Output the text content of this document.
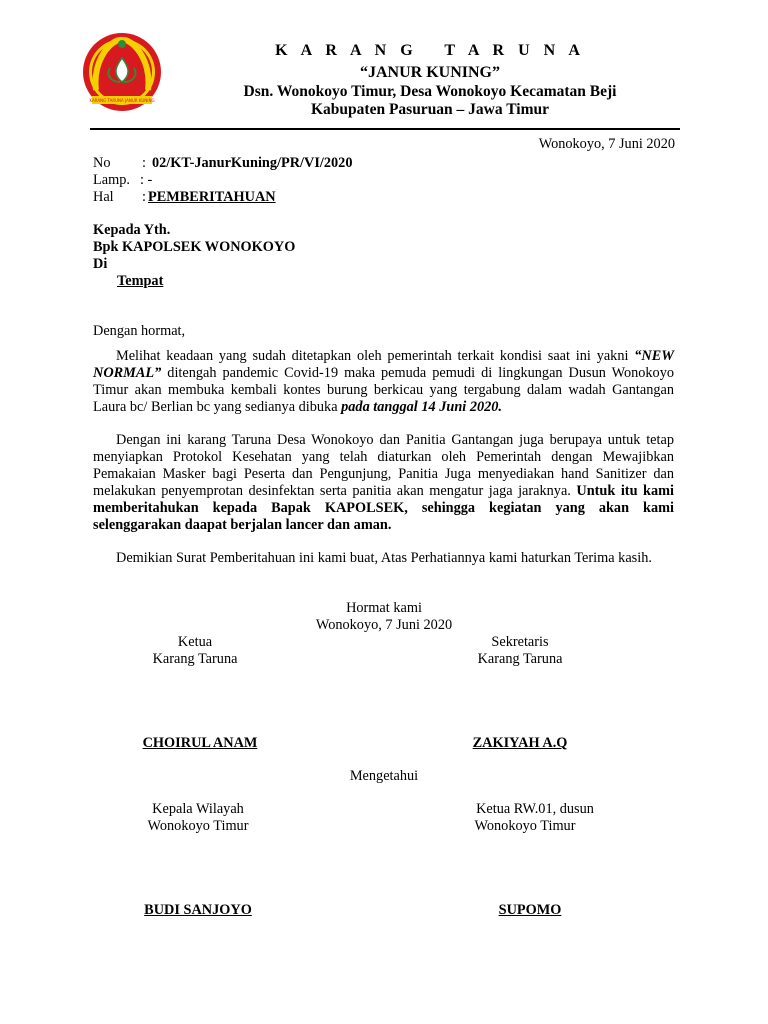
KARANG TARUNA JANUR KUNING
K A R A N G   T A R U N A
“JANUR KUNING”
Dsn. Wonokoyo Timur, Desa Wonokoyo Kecamatan Beji
Kabupaten Pasuruan – Jawa Timur
Wonokoyo, 7 Juni 2020
No : 02/KT-JanurKuning/PR/VI/2020
Lamp. : -
Hal : PEMBERITAHUAN
Kepada Yth.
Bpk KAPOLSEK WONOKOYO
Di
Tempat
Dengan hormat,
Melihat keadaan yang sudah ditetapkan oleh pemerintah terkait kondisi saat ini yakni “NEW NORMAL” ditengah pandemic Covid-19 maka pemuda pemudi di lingkungan Dusun Wonokoyo Timur akan membuka kembali kontes burung berkicau yang tergabung dalam wadah Gantangan Laura bc/ Berlian bc yang sedianya dibuka pada tanggal 14 Juni 2020.
Dengan ini karang Taruna Desa Wonokoyo dan Panitia Gantangan juga berupaya untuk tetap menyiapkan Protokol Kesehatan yang telah diaturkan oleh Pemerintah dengan Mewajibkan Pemakaian Masker bagi Peserta dan Pengunjung, Panitia Juga menyediakan hand Sanitizer dan melakukan penyemprotan desinfektan serta panitia akan mengatur jaga jaraknya. Untuk itu kami memberitahukan kepada Bapak KAPOLSEK, sehingga kegiatan yang akan kami selenggarakan daapat berjalan lancer dan aman.
Demikian Surat Pemberitahuan ini kami buat, Atas Perhatiannya kami haturkan Terima kasih.
Hormat kami
Wonokoyo, 7 Juni 2020
Ketua
Karang Taruna
CHOIRUL ANAM
Sekretaris
Karang Taruna
ZAKIYAH A.Q
Mengetahui
Kepala Wilayah
Wonokoyo Timur
BUDI SANJOYO
Ketua RW.01, dusun
Wonokoyo Timur
SUPOMO
